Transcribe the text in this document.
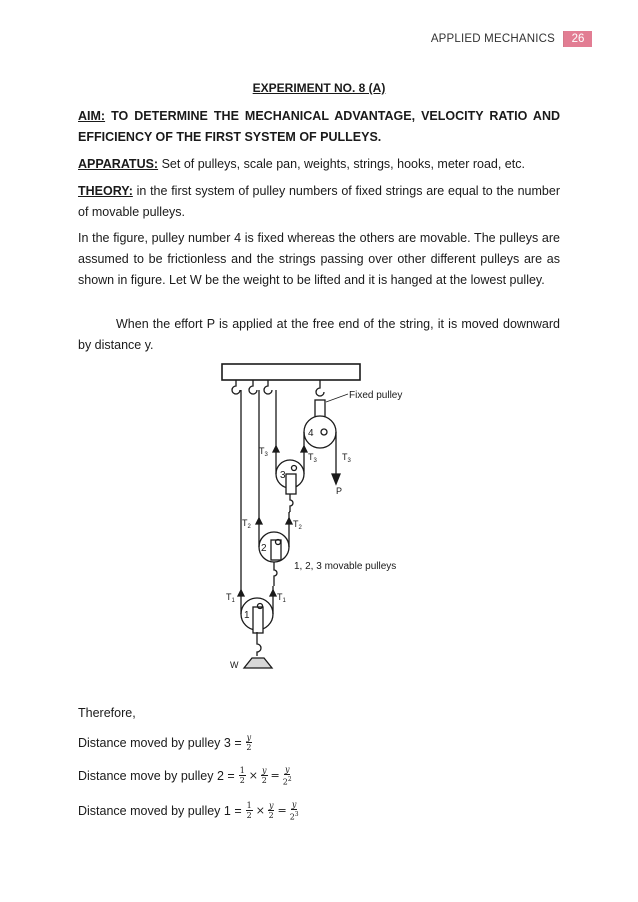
APPLIED MECHANICS	26
EXPERIMENT NO. 8 (A)
AIM: TO DETERMINE THE MECHANICAL ADVANTAGE, VELOCITY RATIO AND EFFICIENCY OF THE FIRST SYSTEM OF PULLEYS.
APPARATUS: Set of pulleys, scale pan, weights, strings, hooks, meter road, etc.
THEORY: in the first system of pulley numbers of fixed strings are equal to the number of movable pulleys.
In the figure, pulley number 4 is fixed whereas the others are movable. The pulleys are assumed to be frictionless and the strings passing over other different pulleys are as shown in figure. Let W be the weight to be lifted and it is hanged at the lowest pulley.
When the effort P is applied at the free end of the string, it is moved downward by distance y.
4
3
2
1
Fixed pulley
1, 2, 3 movable pulleys
$T_3$	$T_3$	$T_3$
P
$T_2$	$T_2$
$T_1$	$T_1$
W
Therefore,
Distance moved by pulley $3 = \frac{y}{2}$
Distance move by pulley $2 = \frac{1}{2} \times \frac{y}{2} = \frac{y}{2^2}$
Distance moved by pulley $1 = \frac{1}{2} \times \frac{y}{2} = \frac{y}{2^3}$
